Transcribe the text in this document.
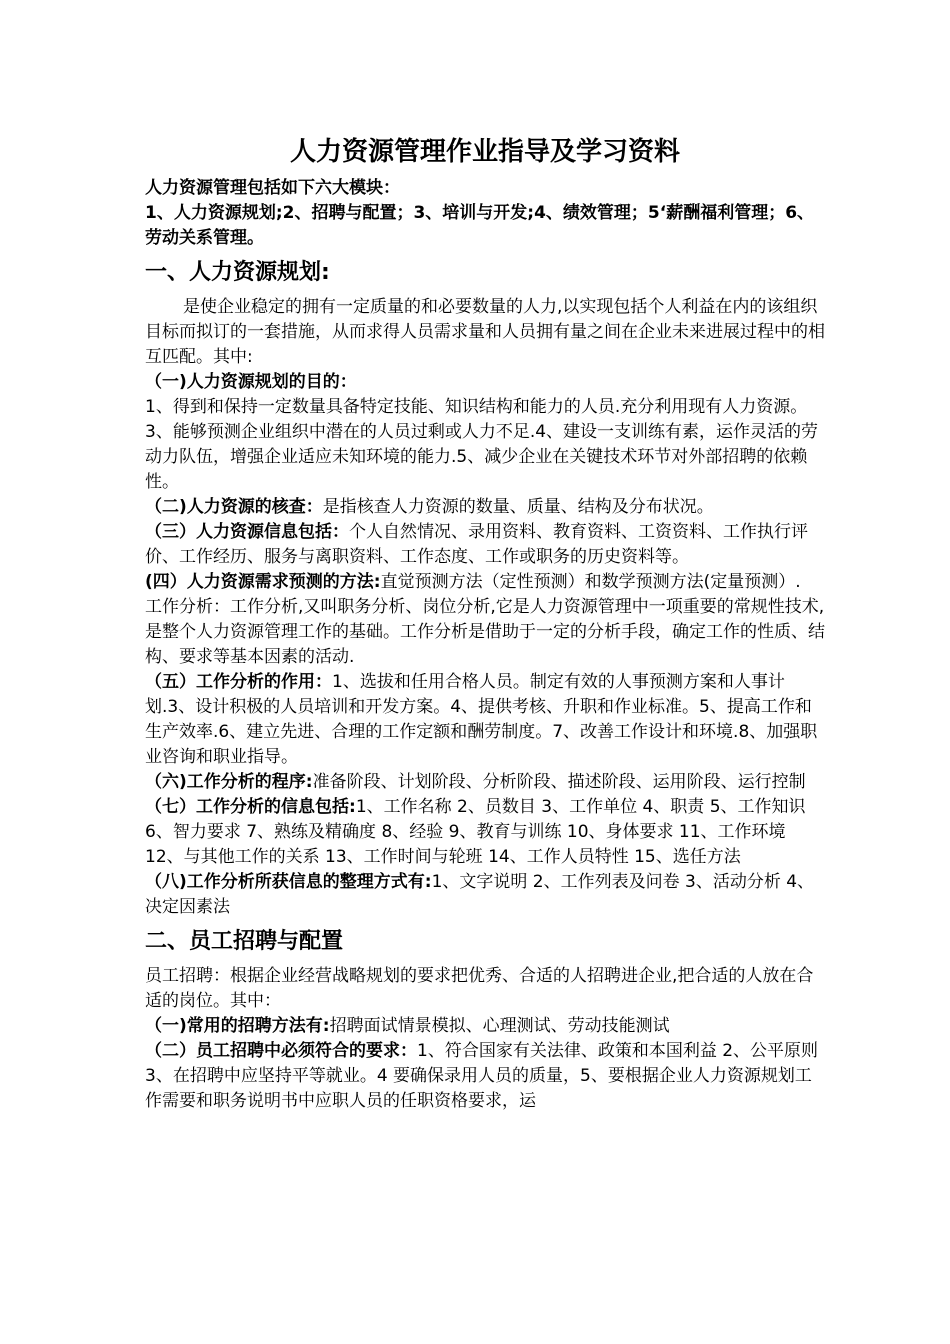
人力资源管理作业指导及学习资料

人力资源管理包括如下六大模块：

1、人力资源规划;2、招聘与配置；3、培训与开发;4、绩效管理；5‘薪酬福利管理；6、劳动关系管理。

一、人力资源规划:

是使企业稳定的拥有一定质量的和必要数量的人力,以实现包括个人利益在内的该组织目标而拟订的一套措施，从而求得人员需求量和人员拥有量之间在企业未来进展过程中的相互匹配。其中:

（一)人力资源规划的目的：

1、得到和保持一定数量具备特定技能、知识结构和能力的人员.充分利用现有人力资源。3、能够预测企业组织中潜在的人员过剩或人力不足.4、建设一支训练有素，运作灵活的劳动力队伍，增强企业适应未知环境的能力.5、减少企业在关键技术环节对外部招聘的依赖性。

（二)人力资源的核查：是指核查人力资源的数量、质量、结构及分布状况。

（三）人力资源信息包括：个人自然情况、录用资料、教育资料、工资资料、工作执行评价、工作经历、服务与离职资料、工作态度、工作或职务的历史资料等。

(四）人力资源需求预测的方法:直觉预测方法（定性预测）和数学预测方法(定量预测）.

工作分析：工作分析,又叫职务分析、岗位分析,它是人力资源管理中一项重要的常规性技术,是整个人力资源管理工作的基础。工作分析是借助于一定的分析手段，确定工作的性质、结构、要求等基本因素的活动.

（五）工作分析的作用：1、选拔和任用合格人员。制定有效的人事预测方案和人事计划.3、设计积极的人员培训和开发方案。4、提供考核、升职和作业标准。5、提高工作和生产效率.6、建立先进、合理的工作定额和酬劳制度。7、改善工作设计和环境.8、加强职业咨询和职业指导。

（六)工作分析的程序:准备阶段、计划阶段、分析阶段、描述阶段、运用阶段、运行控制

（七）工作分析的信息包括:1、工作名称 2、员数目 3、工作单位 4、职责 5、工作知识 6、智力要求 7、熟练及精确度 8、经验 9、教育与训练 10、身体要求 11、工作环境 12、与其他工作的关系 13、工作时间与轮班 14、工作人员特性 15、选任方法

（八)工作分析所获信息的整理方式有:1、文字说明 2、工作列表及问卷 3、活动分析 4、决定因素法

二、员工招聘与配置

员工招聘：根据企业经营战略规划的要求把优秀、合适的人招聘进企业,把合适的人放在合适的岗位。其中：

（一)常用的招聘方法有:招聘面试情景模拟、心理测试、劳动技能测试

（二）员工招聘中必须符合的要求：1、符合国家有关法律、政策和本国利益 2、公平原则 3、在招聘中应坚持平等就业。4 要确保录用人员的质量，5、要根据企业人力资源规划工作需要和职务说明书中应职人员的任职资格要求，运
